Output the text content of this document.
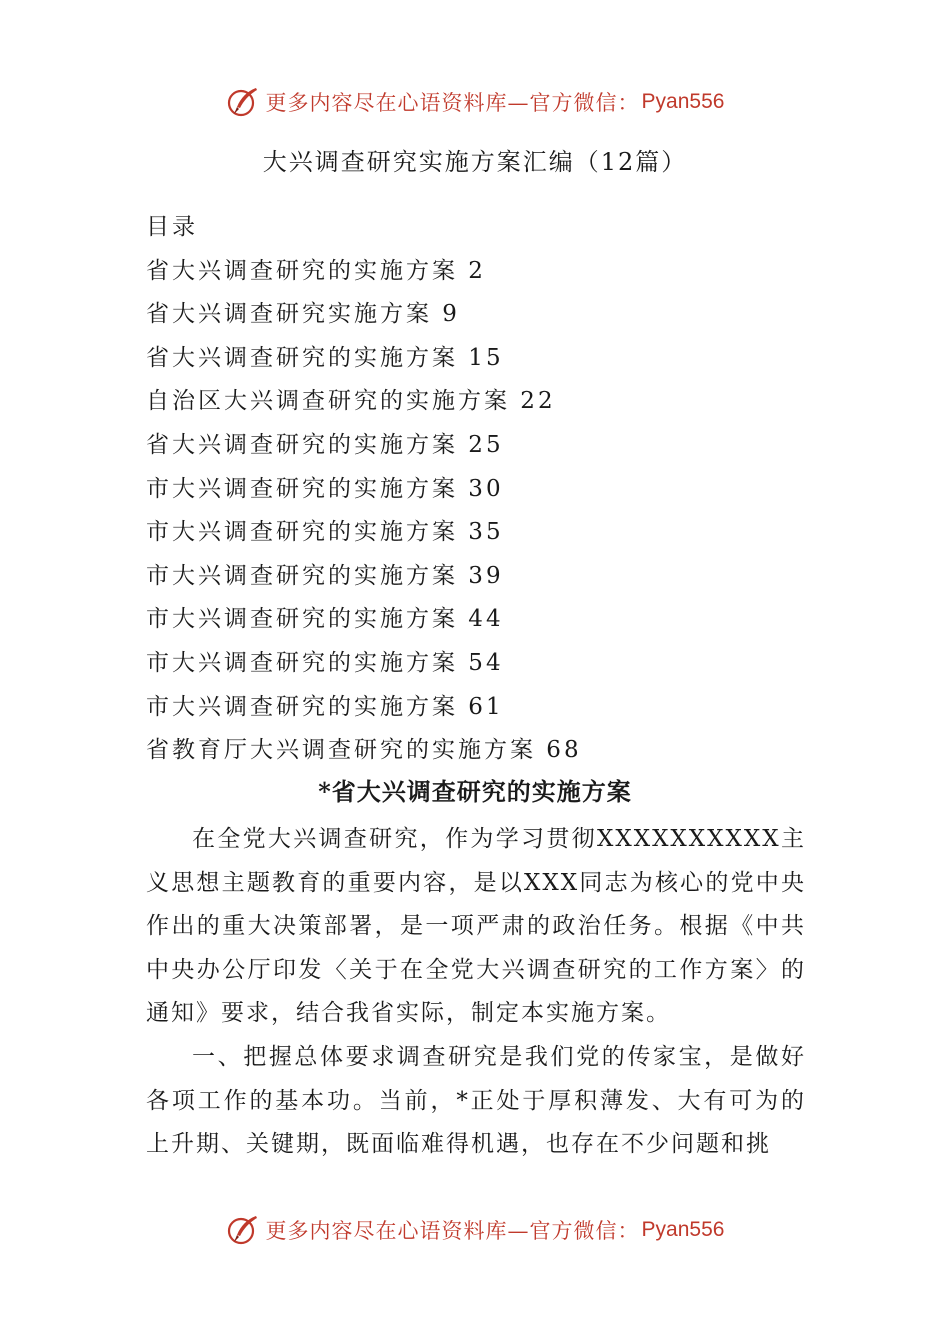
更多内容尽在心语资料库—官方微信： Pyan556
大兴调查研究实施方案汇编（12篇）
目录
省大兴调查研究的实施方案 2
省大兴调查研究实施方案 9
省大兴调查研究的实施方案 15
自治区大兴调查研究的实施方案 22
省大兴调查研究的实施方案 25
市大兴调查研究的实施方案 30
市大兴调查研究的实施方案 35
市大兴调查研究的实施方案 39
市大兴调查研究的实施方案 44
市大兴调查研究的实施方案 54
市大兴调查研究的实施方案 61
省教育厅大兴调查研究的实施方案 68
*省大兴调查研究的实施方案

在全党大兴调查研究，作为学习贯彻XXXXXXXXXX主义思想主题教育的重要内容，是以XXX同志为核心的党中央作出的重大决策部署，是一项严肃的政治任务。根据《中共中央办公厅印发〈关于在全党大兴调查研究的工作方案〉的通知》要求，结合我省实际，制定本实施方案。

一、把握总体要求调查研究是我们党的传家宝，是做好各项工作的基本功。当前，*正处于厚积薄发、大有可为的上升期、关键期，既面临难得机遇，也存在不少问题和挑

更多内容尽在心语资料库—官方微信： Pyan556
